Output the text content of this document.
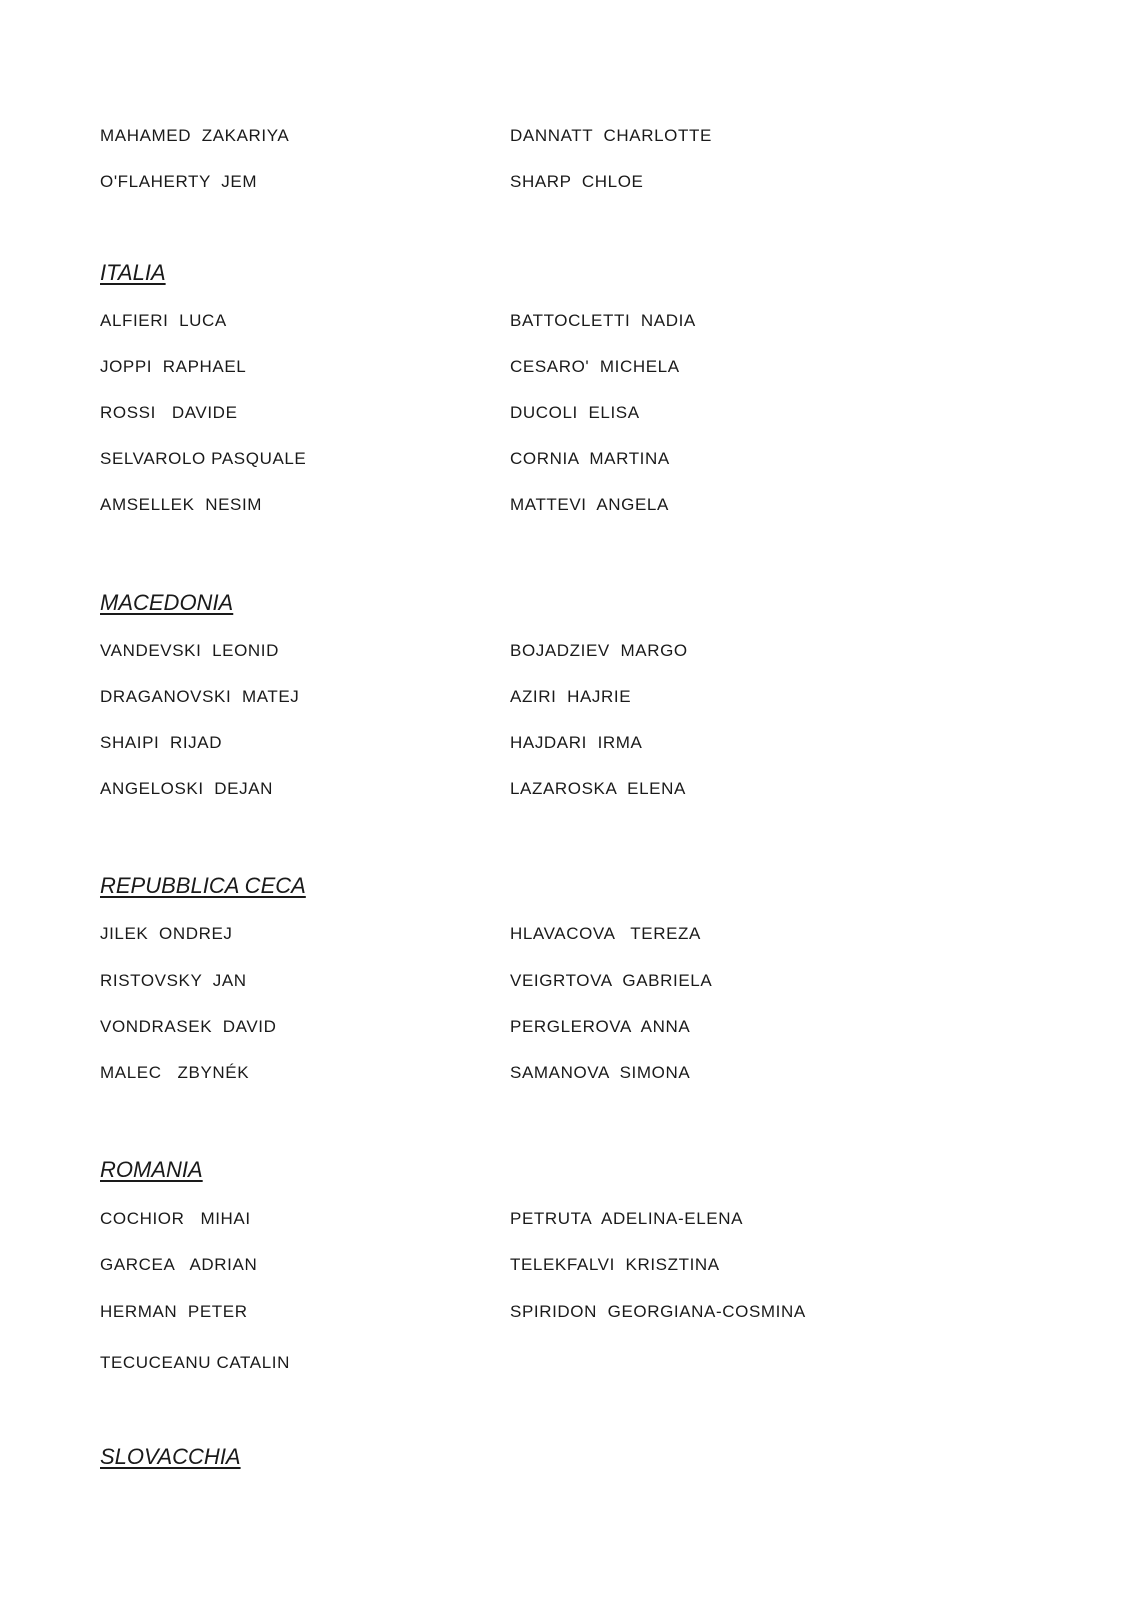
MAHAMED  ZAKARIYA	DANNATT  CHARLOTTE
O'FLAHERTY  JEM	SHARP  CHLOE
ITALIA
ALFIERI  LUCA	BATTOCLETTI  NADIA
JOPPI  RAPHAEL	CESARO'  MICHELA
ROSSI   DAVIDE	DUCOLI  ELISA
SELVAROLO PASQUALE	CORNIA  MARTINA
AMSELLEK  NESIM	MATTEVI  ANGELA
MACEDONIA
VANDEVSKI  LEONID	BOJADZIEV  MARGO
DRAGANOVSKI  MATEJ	AZIRI  HAJRIE
SHAIPI  RIJAD	HAJDARI  IRMA
ANGELOSKI  DEJAN	LAZAROSKA  ELENA
REPUBBLICA CECA
JILEK  ONDREJ	HLAVACOVA   TEREZA
RISTOVSKY  JAN	VEIGRTOVA  GABRIELA
VONDRASEK  DAVID	PERGLEROVA  ANNA
MALEC   ZBYNÉK	SAMANOVA  SIMONA
ROMANIA
COCHIOR   MIHAI	PETRUTA  ADELINA-ELENA
GARCEA   ADRIAN	TELEKFALVI  KRISZTINA
HERMAN  PETER	SPIRIDON  GEORGIANA-COSMINA
TECUCEANU CATALIN
SLOVACCHIA
